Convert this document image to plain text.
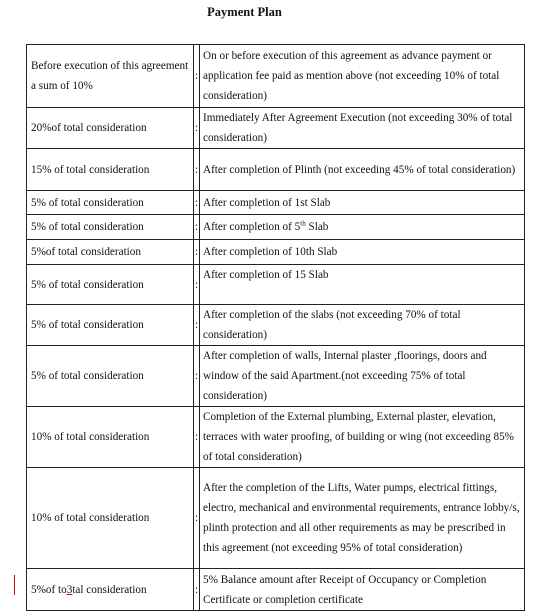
Payment Plan
Before execution of this agreement a sum of 10%	:	On or before execution of this agreement as advance payment or application fee paid as mention above (not exceeding 10% of total consideration)
20%of total consideration	:	Immediately After Agreement Execution (not exceeding 30% of total consideration)
15% of total consideration	:	After completion of Plinth (not exceeding 45% of total consideration)
5% of total consideration	:	After completion of 1st Slab
5% of total consideration	:	After completion of 5th Slab
5%of total consideration	:	After completion of 10th Slab
5% of total consideration	:	After completion of 15 Slab
5% of total consideration	:	After completion of the slabs (not exceeding 70% of total consideration)
5% of total consideration	:	After completion of walls, Internal plaster ,floorings, doors and window of the said Apartment.(not exceeding 75% of total consideration)
10% of total consideration	:	Completion of the External plumbing, External plaster, elevation, terraces with water proofing, of building or wing (not exceeding 85% of total consideration)
10% of total consideration	:	After the completion of the Lifts, Water pumps, electrical fittings, electro, mechanical and environmental requirements, entrance lobby/s, plinth protection and all other requirements as may be prescribed in this agreement (not exceeding 95% of total consideration)
5%of to3tal consideration	:	5% Balance amount after Receipt of Occupancy or Completion Certificate or completion certificate
